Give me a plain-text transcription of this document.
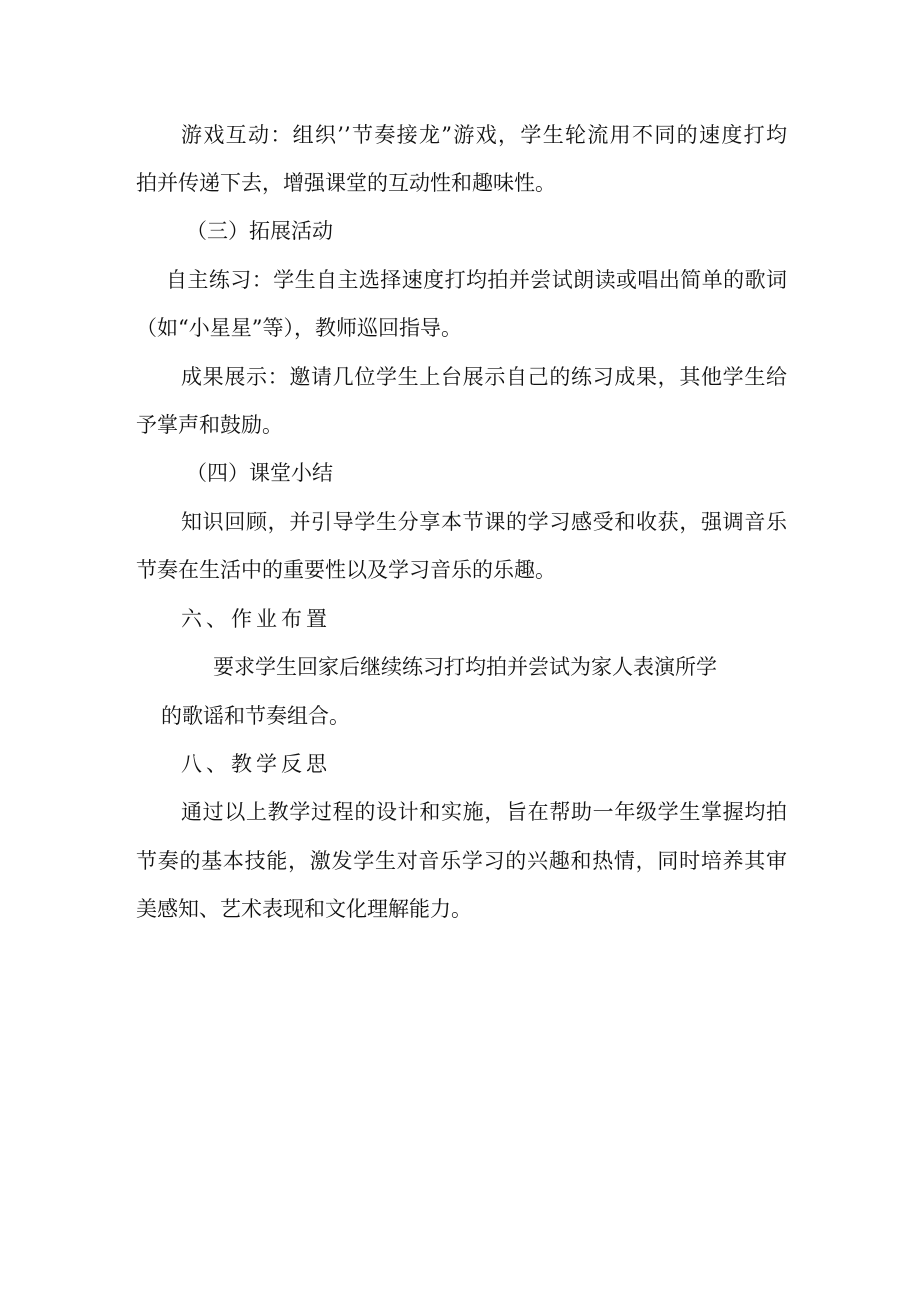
游戏互动：组织’’节奏接龙”游戏，学生轮流用不同的速度打均

拍并传递下去，增强课堂的互动性和趣味性。

（三）拓展活动

自主练习：学生自主选择速度打均拍并尝试朗读或唱出简单的歌词

（如“小星星”等），教师巡回指导。

成果展示：邀请几位学生上台展示自己的练习成果，其他学生给

予掌声和鼓励。

（四）课堂小结

知识回顾，并引导学生分享本节课的学习感受和收获，强调音乐

节奏在生活中的重要性以及学习音乐的乐趣。

六、作业布置

要求学生回家后继续练习打均拍并尝试为家人表演所学

的歌谣和节奏组合。

八、教学反思

通过以上教学过程的设计和实施，旨在帮助一年级学生掌握均拍

节奏的基本技能，激发学生对音乐学习的兴趣和热情，同时培养其审

美感知、艺术表现和文化理解能力。
